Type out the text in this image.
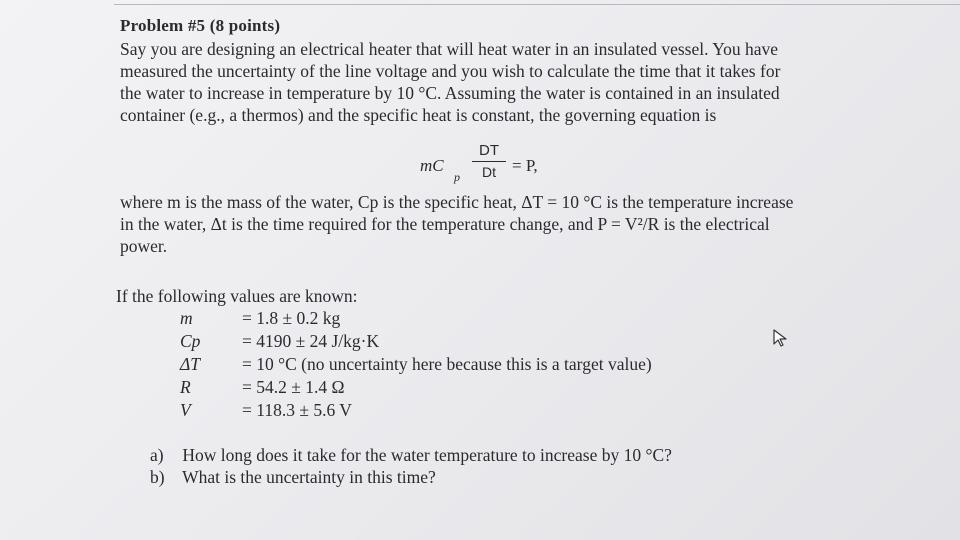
Problem #5 (8 points)
Say you are designing an electrical heater that will heat water in an insulated vessel. You have
measured the uncertainty of the line voltage and you wish to calculate the time that it takes for
the water to increase in temperature by 10 °C. Assuming the water is contained in an insulated
container (e.g., a thermos) and the specific heat is constant, the governing equation is
mC
p
DT
Dt = P,
where m is the mass of the water, Cp is the specific heat, ΔT = 10 °C is the temperature increase
in the water, Δt is the time required for the temperature change, and P = V²/R is the electrical
power.
If the following values are known:
m	= 1.8 ± 0.2 kg
Cp	= 4190 ± 24 J/kg·K
ΔT	= 10 °C (no uncertainty here because this is a target value)
R	= 54.2 ± 1.4 Ω
V	= 118.3 ± 5.6 V
a) How long does it take for the water temperature to increase by 10 °C?
b) What is the uncertainty in this time?
